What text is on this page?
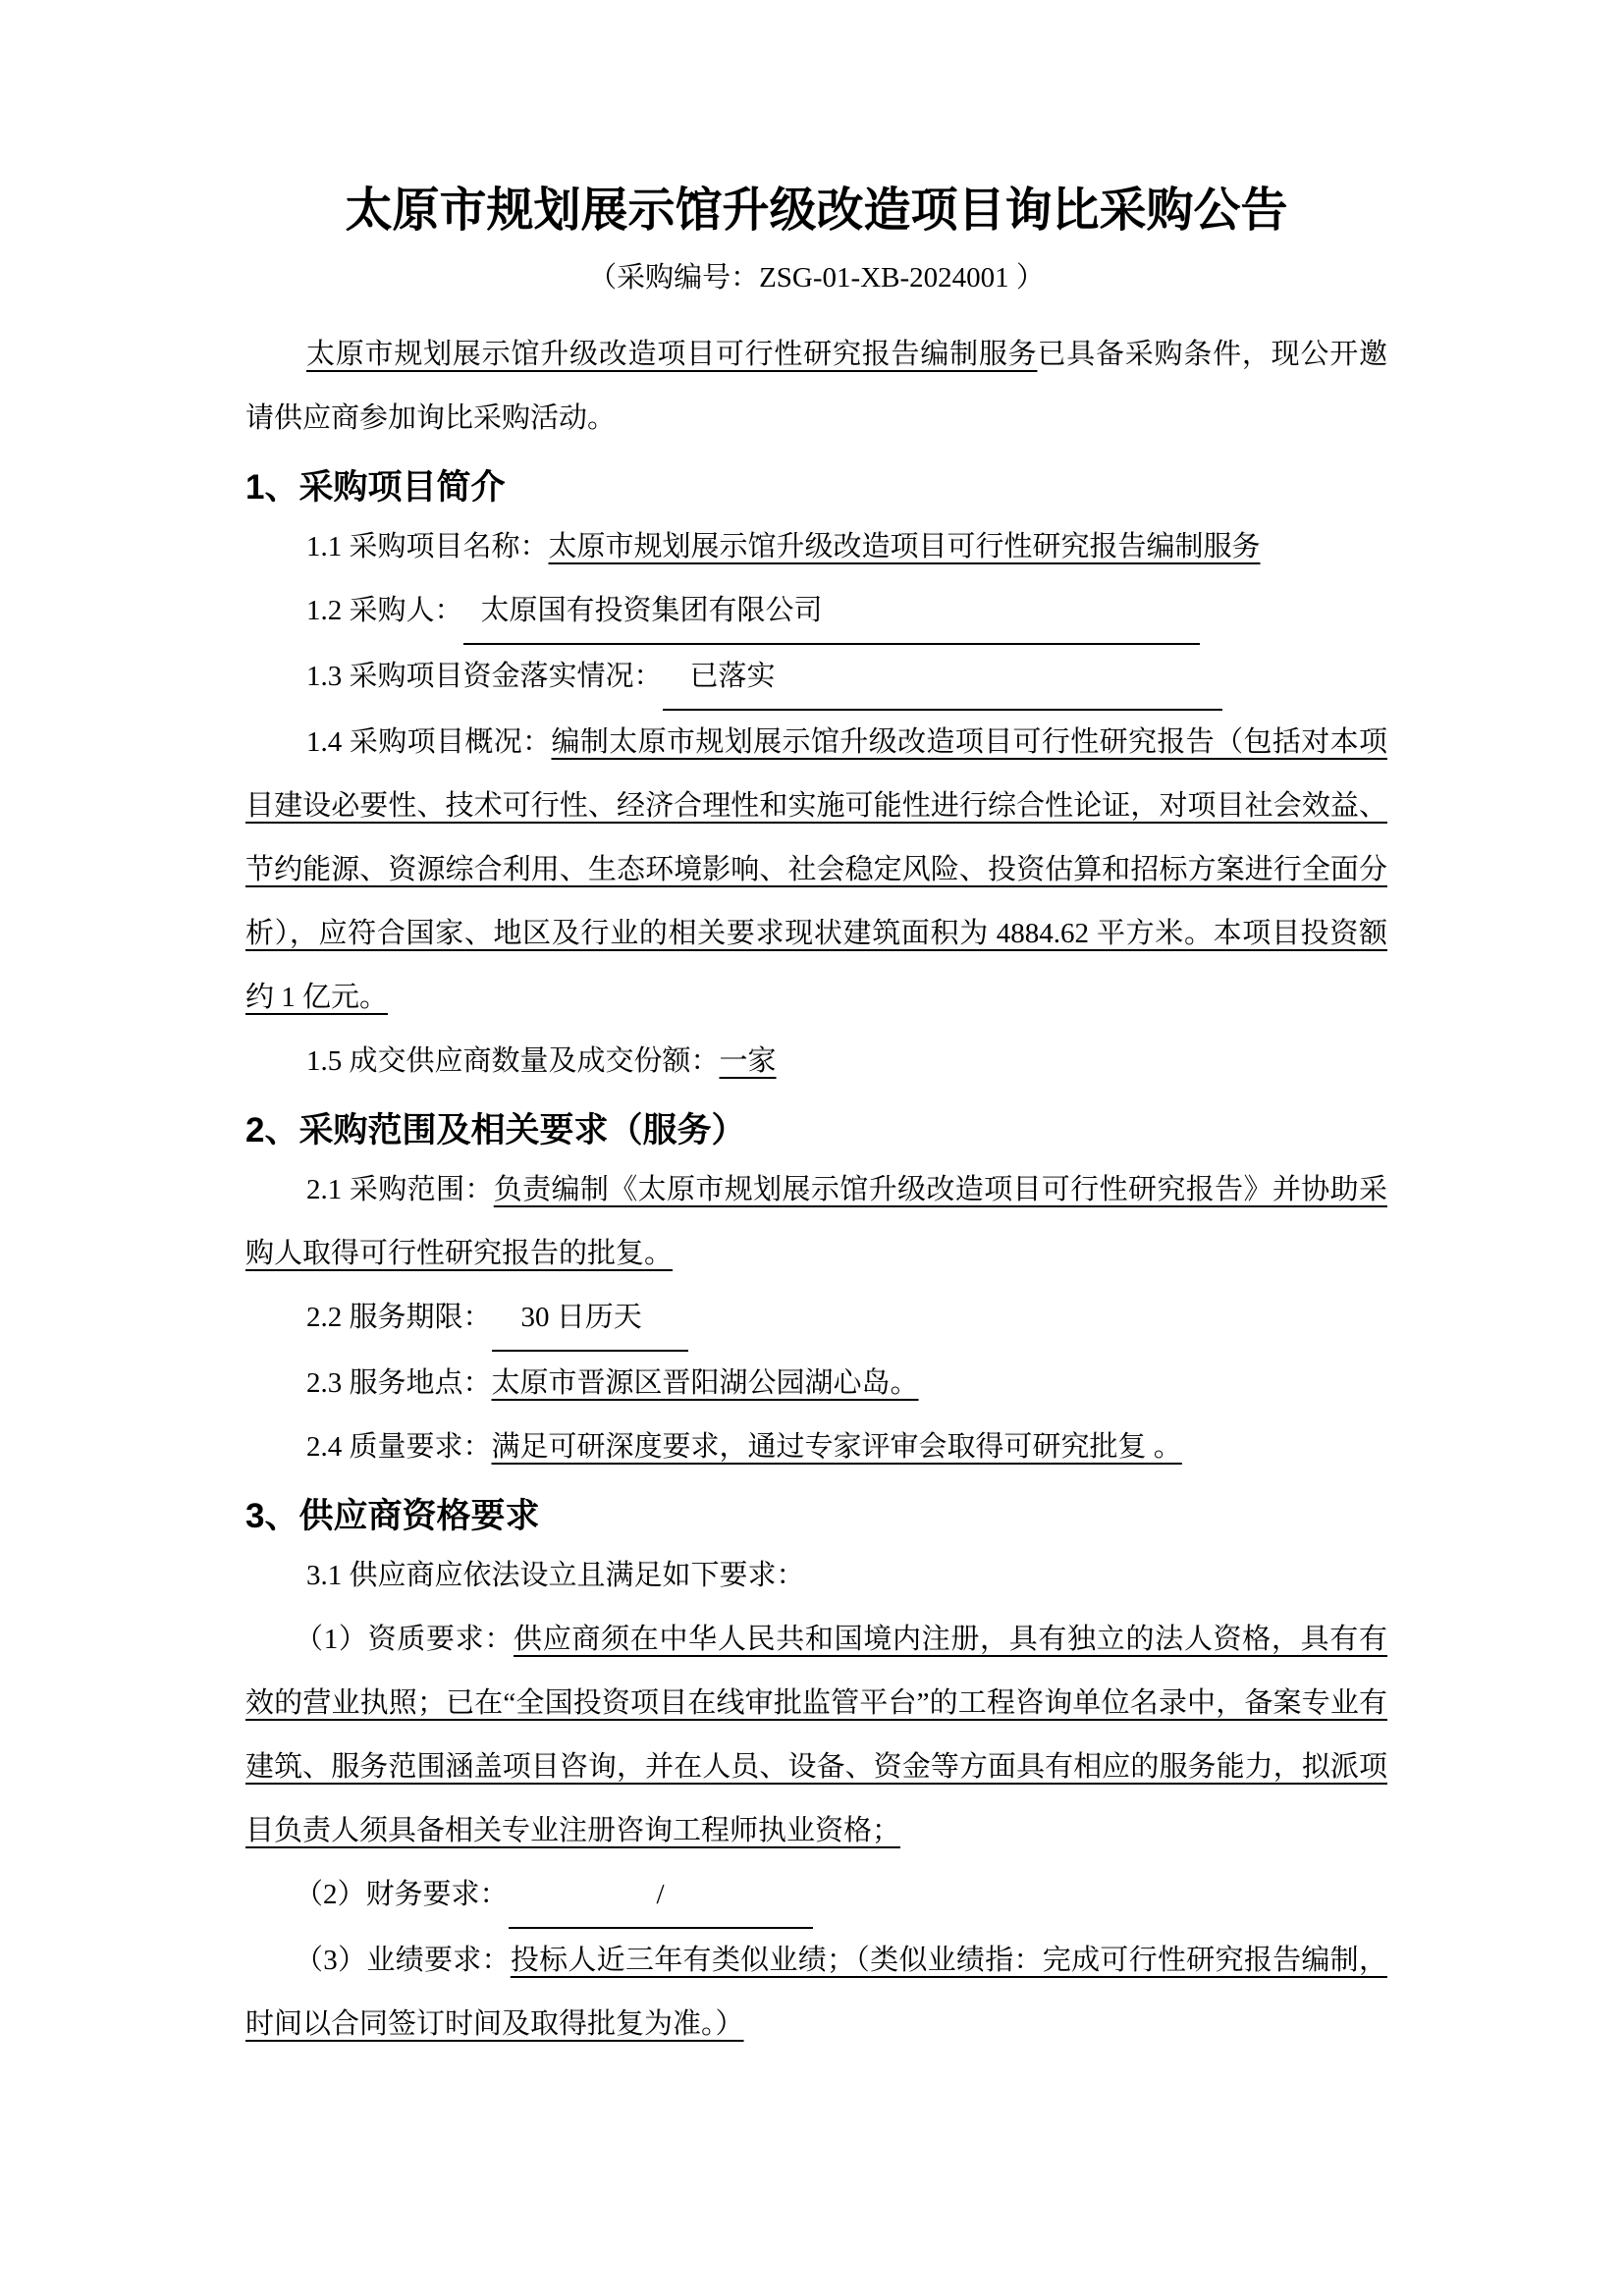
太原市规划展示馆升级改造项目询比采购公告

（采购编号：ZSG-01-XB-2024001 ）

太原市规划展示馆升级改造项目可行性研究报告编制服务已具备采购条件，现公开邀请供应商参加询比采购活动。

1、采购项目简介

1.1 采购项目名称：太原市规划展示馆升级改造项目可行性研究报告编制服务

1.2 采购人： 太原国有投资集团有限公司

1.3 采购项目资金落实情况： 已落实

1.4 采购项目概况：编制太原市规划展示馆升级改造项目可行性研究报告（包括对本项目建设必要性、技术可行性、经济合理性和实施可能性进行综合性论证，对项目社会效益、节约能源、资源综合利用、生态环境影响、社会稳定风险、投资估算和招标方案进行全面分析），应符合国家、地区及行业的相关要求现状建筑面积为 4884.62 平方米。本项目投资额约 1 亿元。

1.5 成交供应商数量及成交份额：一家

2、采购范围及相关要求（服务）

2.1 采购范围：负责编制《太原市规划展示馆升级改造项目可行性研究报告》并协助采购人取得可行性研究报告的批复。

2.2 服务期限： 30 日历天

2.3 服务地点：太原市晋源区晋阳湖公园湖心岛。

2.4 质量要求：满足可研深度要求，通过专家评审会取得可研究批复 。

3、供应商资格要求

3.1 供应商应依法设立且满足如下要求：

（1）资质要求：供应商须在中华人民共和国境内注册，具有独立的法人资格，具有有效的营业执照；已在“全国投资项目在线审批监管平台”的工程咨询单位名录中，备案专业有建筑、服务范围涵盖项目咨询，并在人员、设备、资金等方面具有相应的服务能力，拟派项目负责人须具备相关专业注册咨询工程师执业资格；

（2）财务要求：	/

（3）业绩要求：投标人近三年有类似业绩；（类似业绩指：完成可行性研究报告编制，时间以合同签订时间及取得批复为准。）
